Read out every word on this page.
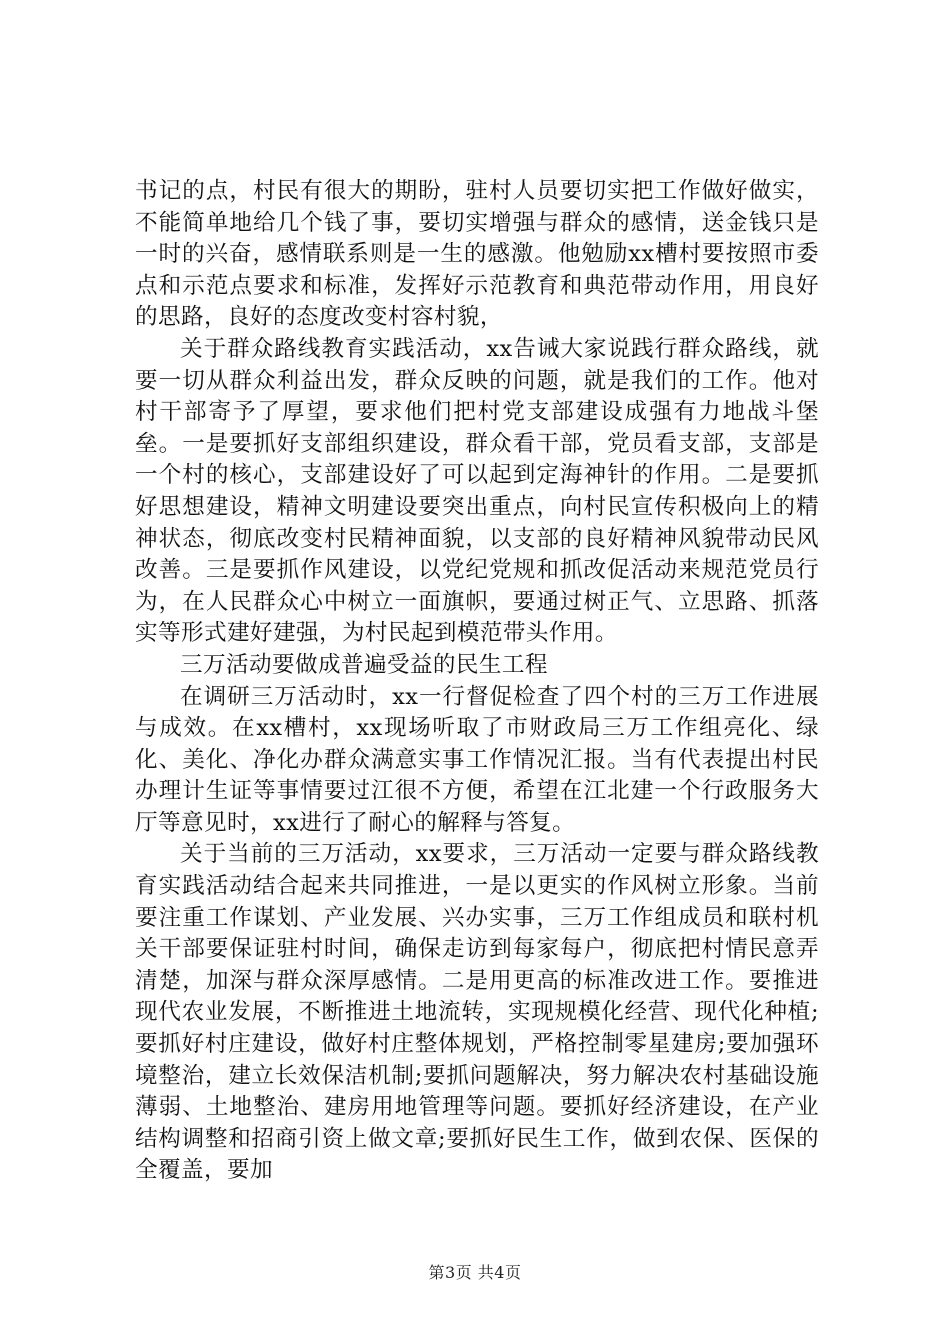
书记的点，村民有很大的期盼，驻村人员要切实把工作做好做实，不能简单地给几个钱了事，要切实增强与群众的感情，送金钱只是一时的兴奋，感情联系则是一生的感激。他勉励xx槽村要按照市委点和示范点要求和标准，发挥好示范教育和典范带动作用，用良好的思路，良好的态度改变村容村貌，

关于群众路线教育实践活动，xx告诫大家说践行群众路线，就要一切从群众利益出发，群众反映的问题，就是我们的工作。他对村干部寄予了厚望，要求他们把村党支部建设成强有力地战斗堡垒。一是要抓好支部组织建设，群众看干部，党员看支部，支部是一个村的核心，支部建设好了可以起到定海神针的作用。二是要抓好思想建设，精神文明建设要突出重点，向村民宣传积极向上的精神状态，彻底改变村民精神面貌，以支部的良好精神风貌带动民风改善。三是要抓作风建设，以党纪党规和抓改促活动来规范党员行为，在人民群众心中树立一面旗帜，要通过树正气、立思路、抓落实等形式建好建强，为村民起到模范带头作用。

三万活动要做成普遍受益的民生工程

在调研三万活动时，xx一行督促检查了四个村的三万工作进展与成效。在xx槽村，xx现场听取了市财政局三万工作组亮化、绿化、美化、净化办群众满意实事工作情况汇报。当有代表提出村民办理计生证等事情要过江很不方便，希望在江北建一个行政服务大厅等意见时，xx进行了耐心的解释与答复。

关于当前的三万活动，xx要求，三万活动一定要与群众路线教育实践活动结合起来共同推进，一是以更实的作风树立形象。当前要注重工作谋划、产业发展、兴办实事，三万工作组成员和联村机关干部要保证驻村时间，确保走访到每家每户，彻底把村情民意弄清楚，加深与群众深厚感情。二是用更高的标准改进工作。要推进现代农业发展，不断推进土地流转，实现规模化经营、现代化种植;要抓好村庄建设，做好村庄整体规划，严格控制零星建房;要加强环境整治，建立长效保洁机制;要抓问题解决，努力解决农村基础设施薄弱、土地整治、建房用地管理等问题。要抓好经济建设，在产业结构调整和招商引资上做文章;要抓好民生工作，做到农保、医保的全覆盖，要加

第3页 共4页
